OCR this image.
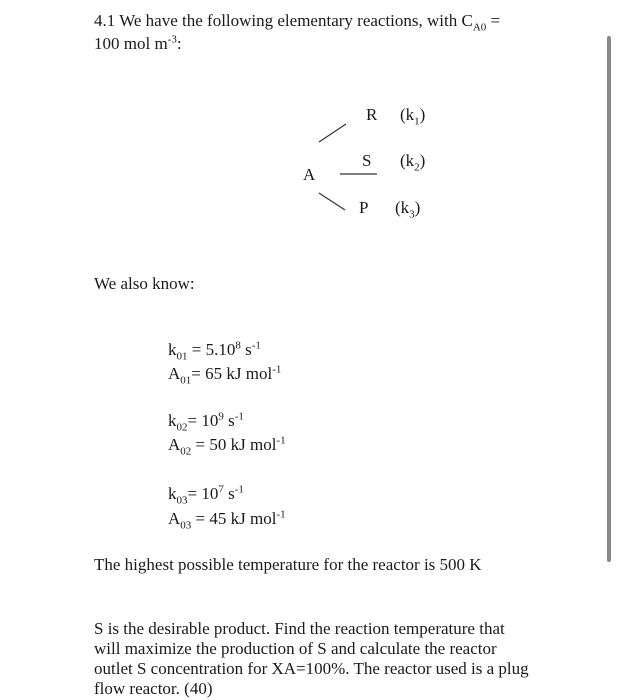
4.1 We have the following elementary reactions, with $C_{A0}$ =
100 mol $m^{-3}$:
A
R $(k_1)$
S $(k_2)$
P $(k_3)$
We also know:
$k_{01} = 5.10^8$ $s^{-1}$
$A_{01}= 65$ kJ mol$^{-1}$
$k_{02}= 10^9$ $s^{-1}$
$A_{02} = 50$ kJ mol$^{-1}$
$k_{03}= 10^7$ $s^{-1}$
$A_{03} = 45$ kJ mol$^{-1}$
The highest possible temperature for the reactor is 500 K
S is the desirable product. Find the reaction temperature that will maximize the production of S and calculate the reactor outlet S concentration for XA=100%. The reactor used is a plug flow reactor. (40)
